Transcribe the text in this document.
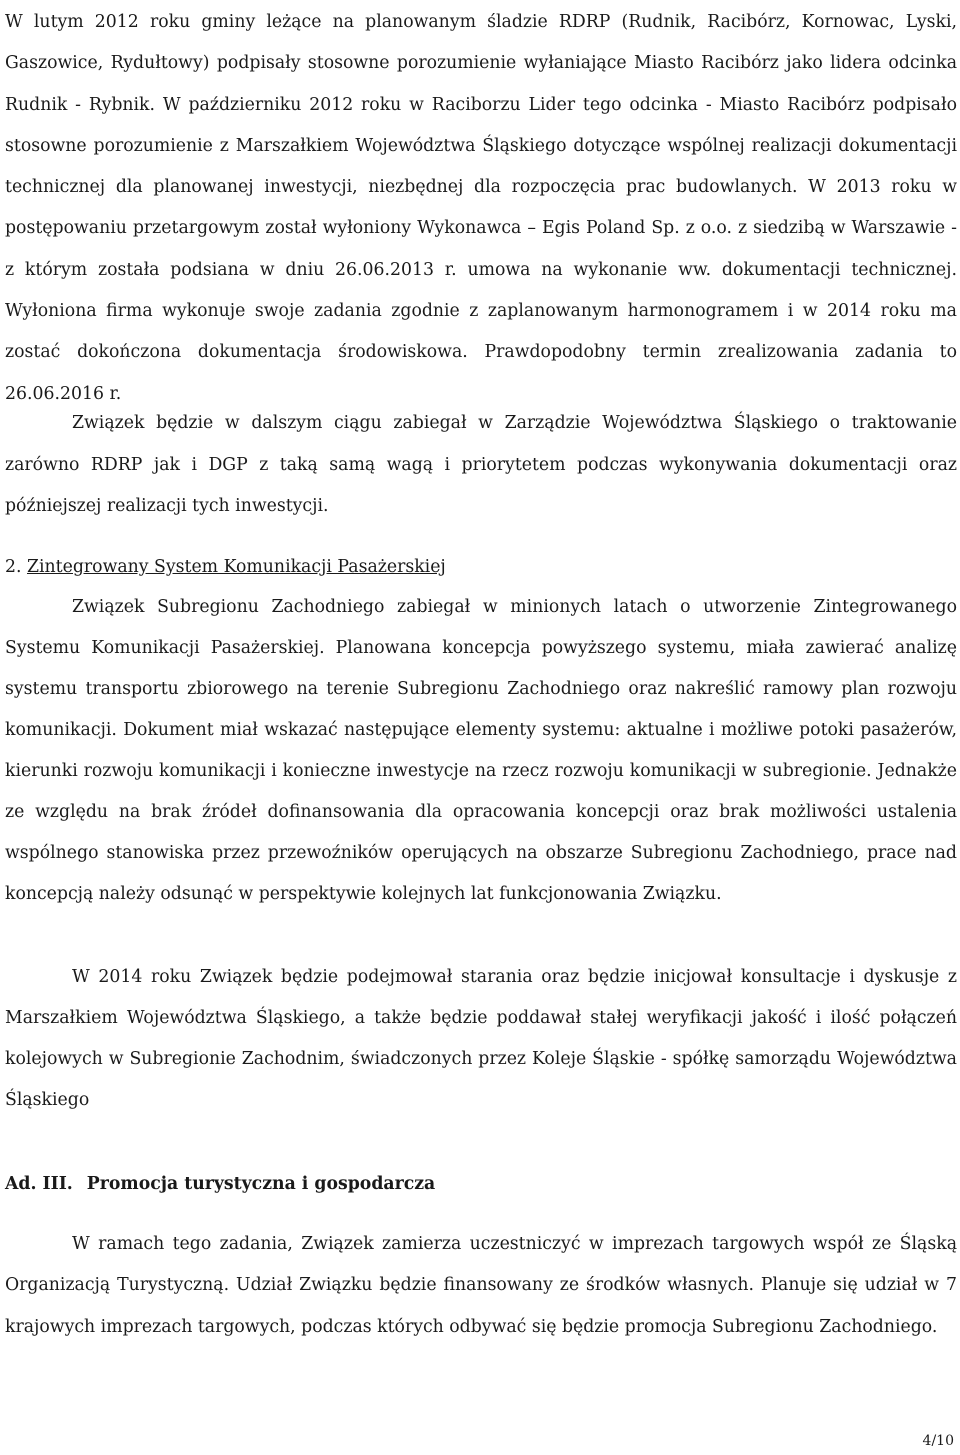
W lutym 2012 roku gminy leżące na planowanym śladzie RDRP (Rudnik, Racibórz, Kornowac, Lyski, Gaszowice, Rydułtowy) podpisały stosowne porozumienie wyłaniające Miasto Racibórz jako lidera odcinka Rudnik - Rybnik. W październiku 2012 roku w Raciborzu Lider tego odcinka - Miasto Racibórz podpisało stosowne porozumienie z Marszałkiem Województwa Śląskiego dotyczące wspólnej realizacji dokumentacji technicznej dla planowanej inwestycji, niezbędnej dla rozpoczęcia prac budowlanych. W 2013 roku w postępowaniu przetargowym został wyłoniony Wykonawca – Egis Poland Sp. z o.o. z siedzibą w Warszawie - z którym została podsiana w dniu 26.06.2013 r. umowa na wykonanie ww. dokumentacji technicznej. Wyłoniona firma wykonuje swoje zadania zgodnie z zaplanowanym harmonogramem i w 2014 roku ma zostać dokończona dokumentacja środowiskowa. Prawdopodobny termin zrealizowania zadania to 26.06.2016 r.

Związek będzie w dalszym ciągu zabiegał w Zarządzie Województwa Śląskiego o traktowanie zarówno RDRP jak i DGP z taką samą wagą i priorytetem podczas wykonywania dokumentacji oraz późniejszej realizacji tych inwestycji.

2. Zintegrowany System Komunikacji Pasażerskiej

Związek Subregionu Zachodniego zabiegał w minionych latach o utworzenie Zintegrowanego Systemu Komunikacji Pasażerskiej. Planowana koncepcja powyższego systemu, miała zawierać analizę systemu transportu zbiorowego na terenie Subregionu Zachodniego oraz nakreślić ramowy plan rozwoju komunikacji. Dokument miał wskazać następujące elementy systemu: aktualne i możliwe potoki pasażerów, kierunki rozwoju komunikacji i konieczne inwestycje na rzecz rozwoju komunikacji w subregionie. Jednakże ze względu na brak źródeł dofinansowania dla opracowania koncepcji oraz brak możliwości ustalenia wspólnego stanowiska przez przewoźników operujących na obszarze Subregionu Zachodniego, prace nad koncepcją należy odsunąć w perspektywie kolejnych lat funkcjonowania Związku.

W 2014 roku Związek będzie podejmował starania oraz będzie inicjował konsultacje i dyskusje z Marszałkiem Województwa Śląskiego, a także będzie poddawał stałej weryfikacji jakość i ilość połączeń kolejowych w Subregionie Zachodnim, świadczonych przez Koleje Śląskie - spółkę samorządu Województwa Śląskiego

Ad. III. Promocja turystyczna i gospodarcza

W ramach tego zadania, Związek zamierza uczestniczyć w imprezach targowych współ ze Śląską Organizacją Turystyczną. Udział Związku będzie finansowany ze środków własnych. Planuje się udział w 7 krajowych imprezach targowych, podczas których odbywać się będzie promocja Subregionu Zachodniego.

4/10
